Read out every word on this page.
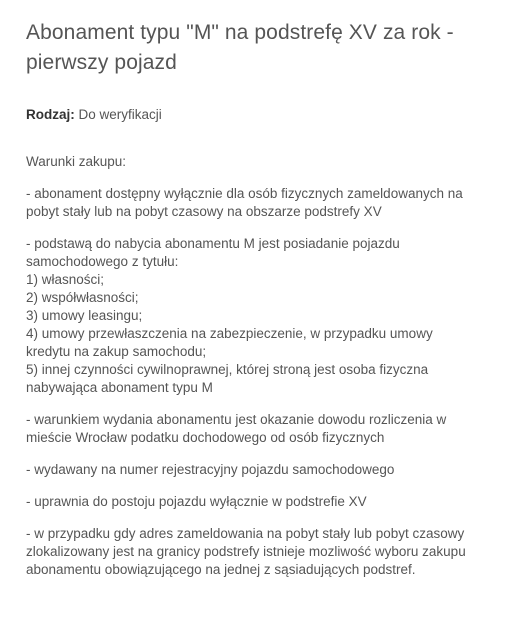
Abonament typu "M" na podstrefę XV za rok -
pierwszy pojazd
Rodzaj: Do weryfikacji
Warunki zakupu:
- abonament dostępny wyłącznie dla osób fizycznych zameldowanych na
pobyt stały lub na pobyt czasowy na obszarze podstrefy XV
- podstawą do nabycia abonamentu M jest posiadanie pojazdu
samochodowego z tytułu:
1) własności;
2) współwłasności;
3) umowy leasingu;
4) umowy przewłaszczenia na zabezpieczenie, w przypadku umowy
kredytu na zakup samochodu;
5) innej czynności cywilnoprawnej, której stroną jest osoba fizyczna
nabywająca abonament typu M
- warunkiem wydania abonamentu jest okazanie dowodu rozliczenia w
mieście Wrocław podatku dochodowego od osób fizycznych
- wydawany na numer rejestracyjny pojazdu samochodowego
- uprawnia do postoju pojazdu wyłącznie w podstrefie XV
- w przypadku gdy adres zameldowania na pobyt stały lub pobyt czasowy
zlokalizowany jest na granicy podstrefy istnieje mozliwość wyboru zakupu
abonamentu obowiązującego na jednej z sąsiadujących podstref.
